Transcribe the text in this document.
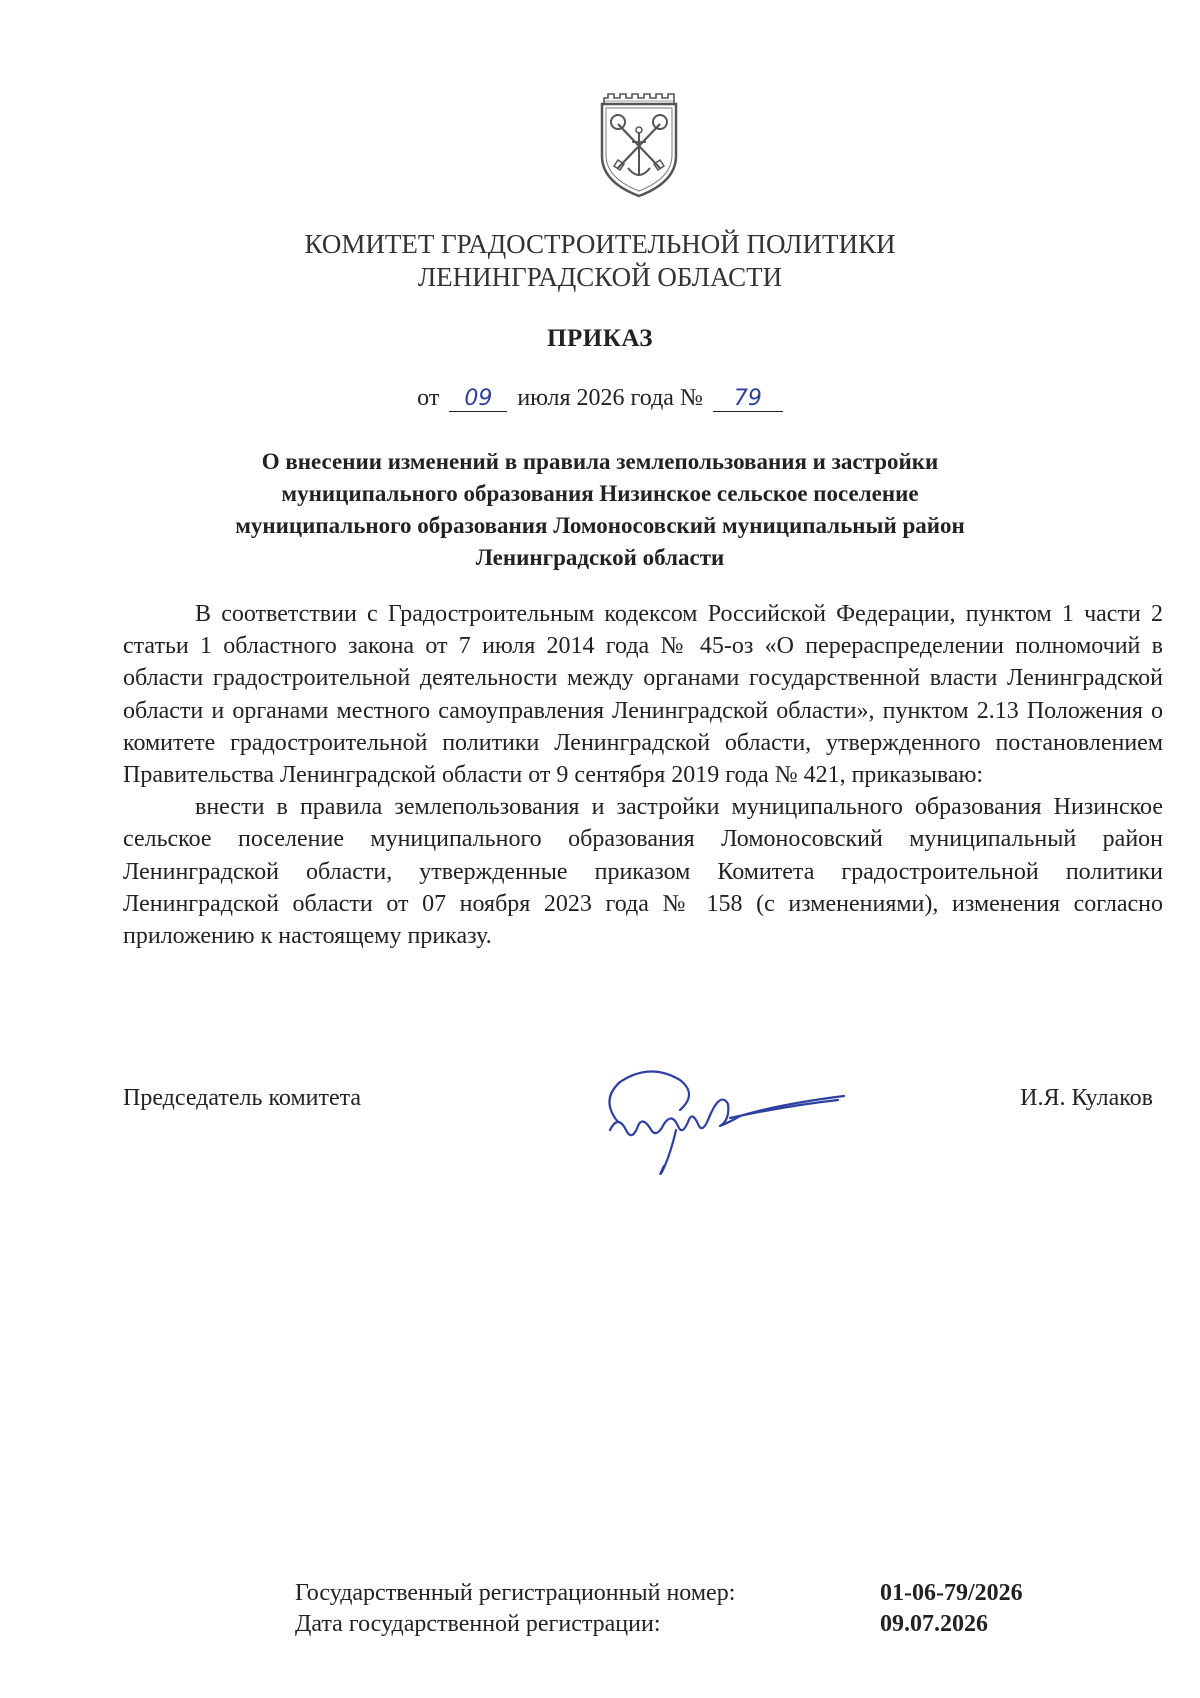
КОМИТЕТ ГРАДОСТРОИТЕЛЬНОЙ ПОЛИТИКИ
ЛЕНИНГРАДСКОЙ ОБЛАСТИ
ПРИКАЗ
от 09 июля 2026 года № 79
О внесении изменений в правила землепользования и застройки
муниципального образования Низинское сельское поселение
муниципального образования Ломоносовский муниципальный район
Ленинградской области

В соответствии с Градостроительным кодексом Российской Федерации, пунктом 1 части 2 статьи 1 областного закона от 7 июля 2014 года № 45-оз «О перераспределении полномочий в области градостроительной деятельности между органами государственной власти Ленинградской области и органами местного самоуправления Ленинградской области», пунктом 2.13 Положения о комитете градостроительной политики Ленинградской области, утвержденного постановлением Правительства Ленинградской области от 9 сентября 2019 года № 421, приказываю:

внести в правила землепользования и застройки муниципального образования Низинское сельское поселение муниципального образования Ломоносовский муниципальный район Ленинградской области, утвержденные приказом Комитета градостроительной политики Ленинградской области от 07 ноября 2023 года № 158 (с изменениями), изменения согласно приложению к настоящему приказу.

Председатель комитета	И.Я. Кулаков
Государственный регистрационный номер:	01-06-79/2026
Дата государственной регистрации:	09.07.2026
